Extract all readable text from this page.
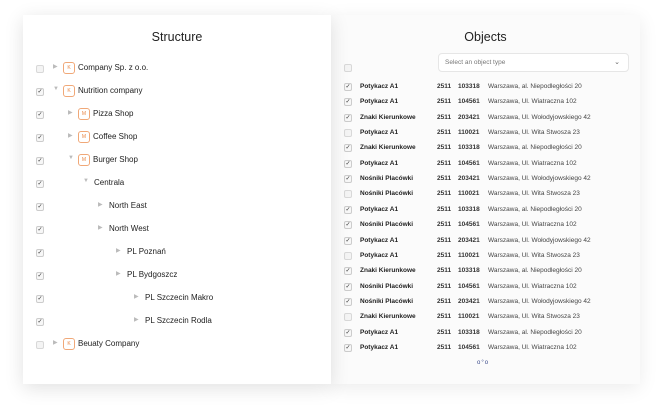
Structure
▶	K Company Sp. z o.o.
✓ ▼	K Nutrition company
✓	▶	M Pizza Shop
✓	▶	M Coffee Shop
✓	▼	M Burger Shop
✓	▼ Centrala
✓	▶ North East
✓	▶ North West
✓	▶ PL Poznań
✓	▶ PL Bydgoszcz
✓	▶ PL Szczecin Makro
✓	▶ PL Szczecin Rodla
▶	K Beuaty Company
Objects
Select an object type	⌄
✓ Potykacz A1	2511 103318 Warszawa, al. Niepodległości 20
✓ Potykacz A1	2511 104561 Warszawa, Ul. Wiatraczna 102
✓ Znaki Kierunkowe	2511 203421 Warszawa, Ul. Wołodyjowskiego 42
Potykacz A1	2511 110021 Warszawa, Ul. Wita Stwosza 23
✓ Znaki Kierunkowe	2511 103318 Warszawa, al. Niepodległości 20
✓ Potykacz A1	2511 104561 Warszawa, Ul. Wiatraczna 102
✓ Nośniki Placówki	2511 203421 Warszawa, Ul. Wołodyjowskiego 42
Nośniki Placówki	2511 110021 Warszawa, Ul. Wita Stwosza 23
✓ Potykacz A1	2511 103318 Warszawa, al. Niepodległości 20
✓ Nośniki Placówki	2511 104561 Warszawa, Ul. Wiatraczna 102
✓ Potykacz A1	2511 203421 Warszawa, Ul. Wołodyjowskiego 42
Potykacz A1	2511 110021 Warszawa, Ul. Wita Stwosza 23
✓ Znaki Kierunkowe	2511 103318 Warszawa, al. Niepodległości 20
✓ Nośniki Placówki	2511 104561 Warszawa, Ul. Wiatraczna 102
✓ Nośniki Placówki	2511 203421 Warszawa, Ul. Wołodyjowskiego 42
Znaki Kierunkowe	2511 110021 Warszawa, Ul. Wita Stwosza 23
✓ Potykacz A1	2511 103318 Warszawa, al. Niepodległości 20
✓ Potykacz A1	2511 104561 Warszawa, Ul. Wiatraczna 102
o°o
